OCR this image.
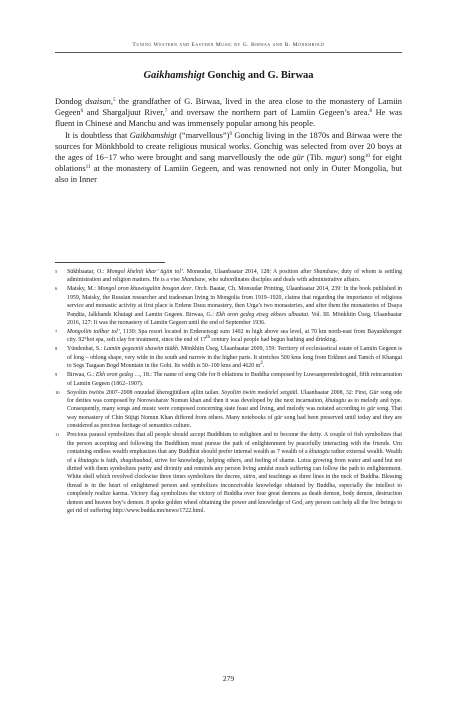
Tuning Western and Eastern Music by G. Birwaa and B. Mönkhbold
Gaikhamshigt Gonchig and G. Birwaa

Dondog dsaisan,$^5$ the grandfather of G. Birwaa, lived in the area close to the monastery of Lamiin Gegeen$^6$ and Shargaljuut River,$^7$ and oversaw the northern part of Lamiin Gegeen’s area.$^8$ He was fluent in Chinese and Manchu and was immensely popular among his people.

It is doubtless that Gaikhamshigt (“marvellous”)$^9$ Gonchig living in the 1870s and Birwaa were the sources for Mönkhbold to create religious musical works. Gonchig was selected from over 20 boys at the ages of 16−17 who were brought and sang marvellously the ode gür (Tib. mgur) song$^{10}$ for eight oblations$^{11}$ at the monastery of Lamiin Gegeen, and was renowned not only in Outer Mongolia, but also in Inner

5 Sükhbaatar, O.: Mongol khelnii khar’ ügiin tol’. Monsudar, Ulaanbaatar 2014, 128: A position after Shandsaw, duty of whom is settling administration and religion matters. He is a vise Shandsaw, who subordinates disciples and deals with administrative affairs.
6 Maisky, M.: Mongol oron khuwisgaliin bosgon deer. Orch. Baatar, Ch. Monsudar Printing, Ulaanbaatar 2014, 239: In the book published in 1959, Maisky, the Russian researcher and tradesman living in Mongolia from 1919–1920, claims that regarding the importance of religious service and monastic activity at first place is Erdene Dsuu monastery, then Urga’s two monasteries, and after them the monasteries of Dsaya Paṇḍita, Jalkhands Khutagt and Lamiin Gegeen. Birwaa, G.: Ekh oron gedeg etseg ekhees ulbaatai. Vol. III. Mönkhiin Üseg, Ulaanbaatar 2016, 127: It was the monastery of Lamiin Gegeen until the end of September 1936.
7 Mongoliin taiłbar tol’, 1130: Spa resort located in Erdenetsogt sum 1492 m high above sea level, at 70 km north-east from Bayankhongor city. 92°hot spa, soft clay for treatment, since the end of 17th century local people had begun bathing and drinking.
8 Yündenbat, S.: Lamiin gegeeniii shawiin tüükh. Mönkhiin Üseg, Ulaanbaatar 2009, 159: Territory of ecclesiastical estate of Lamiin Gegeen is of long – oblong shape, very wide in the south and narrow in the higher parts. It stretches 500 kms long from Erkhnet and Tamch of Khangai to Segs Tsagaan Bogd Mountain in the Gobi. Its width is 50–100 kms and 4620 $m^2$.
9 Birwaa, G.: Ekh oron gedeg …, 18.: The name of song Ode for 8 oblations to Buddha composed by Luwsanperenleitognid, fifth reincarnation of Lamiin Gegeen (1862–1907).
10 Soyoliin öwöös 2007–2008 onuudad kheregjüülsen ajliin tailan. Soyoliin öwiin medeelel setgüül. Ulaanbaatar 2008, 32: First, Gür song ode for deities was composed by Norowsharav Nomun khan and then it was developed by the next incarnation, khutagtu as to melody and type. Consequently, many songs and music were composed concerning state feast and living, and melody was notated according to gür song. That way monastery of Chin Süjigt Nomun Khan differed from others. Many notebooks of gür song had been preserved until today and they are considered as precious heritage of semantics culture.
11 Precious parasol symbolizes that all people should accept Buddhism to enlighten and to become the deity. A couple of fish symbolizes that the person accepting and following the Buddhism must pursue the path of enlightenment by peacefully interacting with the friends. Urn containing endless wealth emphasizes that any Buddhist should prefer internal wealth as 7 wealth of a khutagtu rather external wealth. Wealth of a khutagtu is faith, shagshaabad, strive for knowledge, helping others, and feeling of shame. Lotus growing from water and sand but not dirtied with them symbolizes purity and divinity and reminds any person living amidst much suffering can follow the path to enlightenment. White shell which revolved clockwise three times symbolizes the decree, sūtra, and teachings as three lines in the neck of Buddha. Blessing thread is in the heart of enlightened person and symbolizes inconceivable knowledge obtained by Buddha, especially the intellect to completely realize karma. Victory flag symbolizes the victory of Buddha over four great demons as death demon, body demon, destruction demon and heaven boy’s demon. 8 spoke golden wheel obtaining the power and knowledge of God, any person can help all the live beings to get rid of suffering http://www.budda.mn/news/1722.html.
279
